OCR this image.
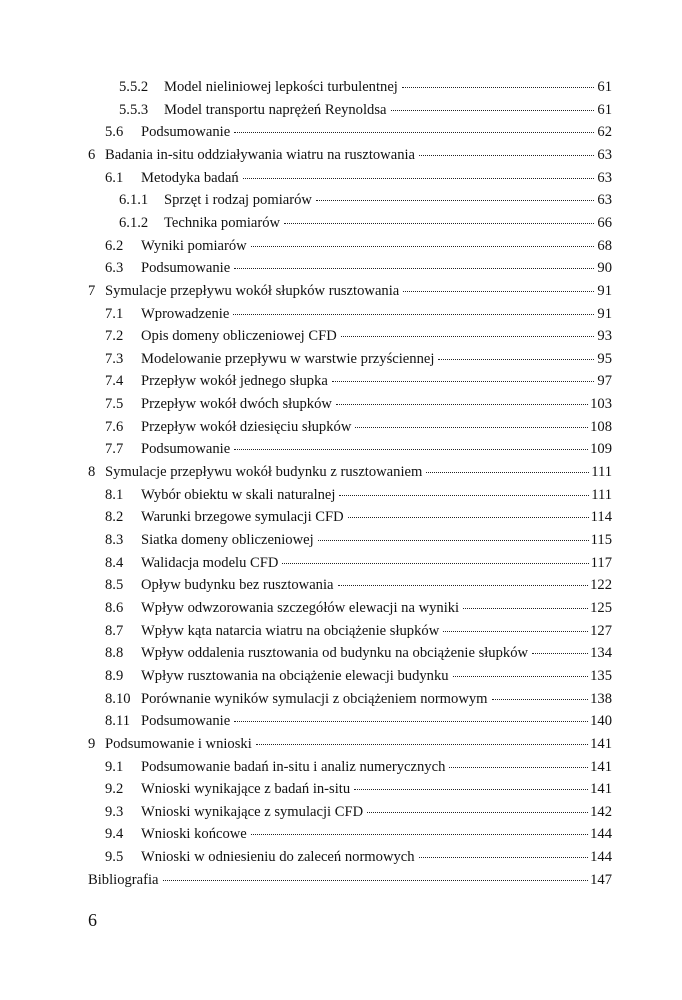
5.5.2	Model nieliniowej lepkości turbulentnej	61
5.5.3	Model transportu naprężeń Reynoldsa	61
5.6	Podsumowanie	62
6 Badania in-situ oddziaływania wiatru na rusztowania	63
6.1	Metodyka badań	63
6.1.1	Sprzęt i rodzaj pomiarów	63
6.1.2	Technika pomiarów	66
6.2	Wyniki pomiarów	68
6.3	Podsumowanie	90
7 Symulacje przepływu wokół słupków rusztowania	91
7.1	Wprowadzenie	91
7.2	Opis domeny obliczeniowej CFD	93
7.3	Modelowanie przepływu w warstwie przyściennej	95
7.4	Przepływ wokół jednego słupka	97
7.5	Przepływ wokół dwóch słupków	103
7.6	Przepływ wokół dziesięciu słupków	108
7.7	Podsumowanie	109
8 Symulacje przepływu wokół budynku z rusztowaniem	111
8.1	Wybór obiektu w skali naturalnej	111
8.2	Warunki brzegowe symulacji CFD	114
8.3	Siatka domeny obliczeniowej	115
8.4	Walidacja modelu CFD	117
8.5	Opływ budynku bez rusztowania	122
8.6	Wpływ odwzorowania szczegółów elewacji na wyniki	125
8.7	Wpływ kąta natarcia wiatru na obciążenie słupków	127
8.8	Wpływ oddalenia rusztowania od budynku na obciążenie słupków	134
8.9	Wpływ rusztowania na obciążenie elewacji budynku	135
8.10 Porównanie wyników symulacji z obciążeniem normowym	138
8.11 Podsumowanie	140
9 Podsumowanie i wnioski	141
9.1	Podsumowanie badań in-situ i analiz numerycznych	141
9.2	Wnioski wynikające z badań in-situ	141
9.3	Wnioski wynikające z symulacji CFD	142
9.4	Wnioski końcowe	144
9.5	Wnioski w odniesieniu do zaleceń normowych	144
Bibliografia	147
6
